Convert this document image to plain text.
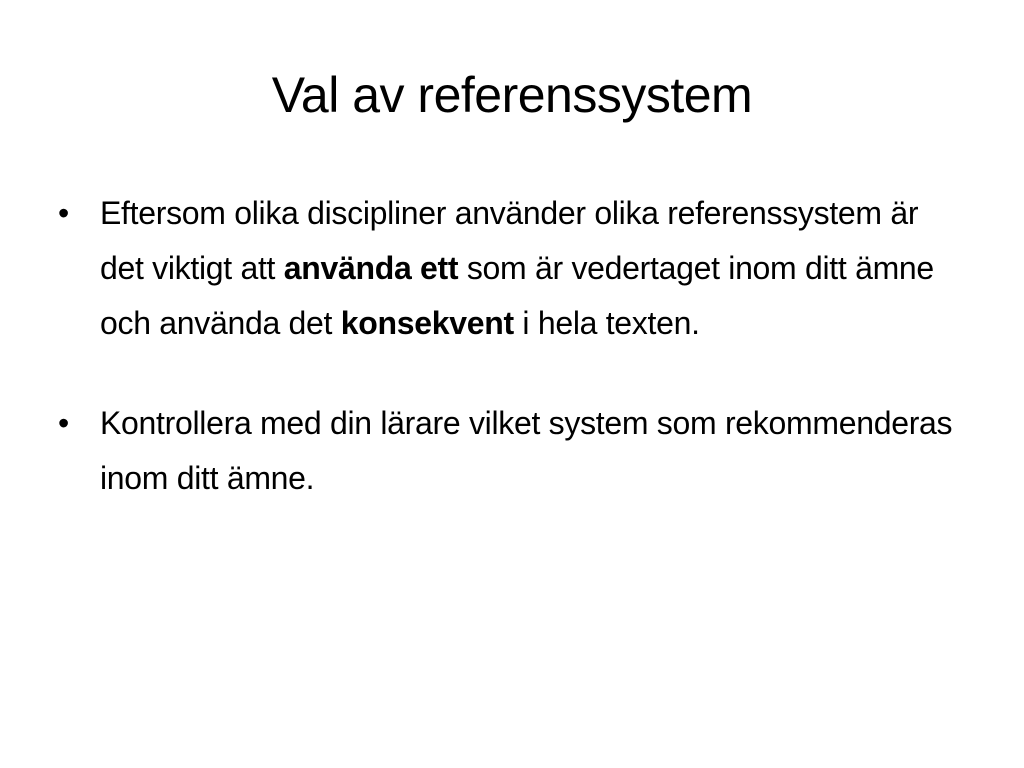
Val av referenssystem
• Eftersom olika discipliner använder olika referenssystem är det viktigt att använda ett som är vedertaget inom ditt ämne och använda det konsekvent i hela texten.
• Kontrollera med din lärare vilket system som rekommenderas inom ditt ämne.
